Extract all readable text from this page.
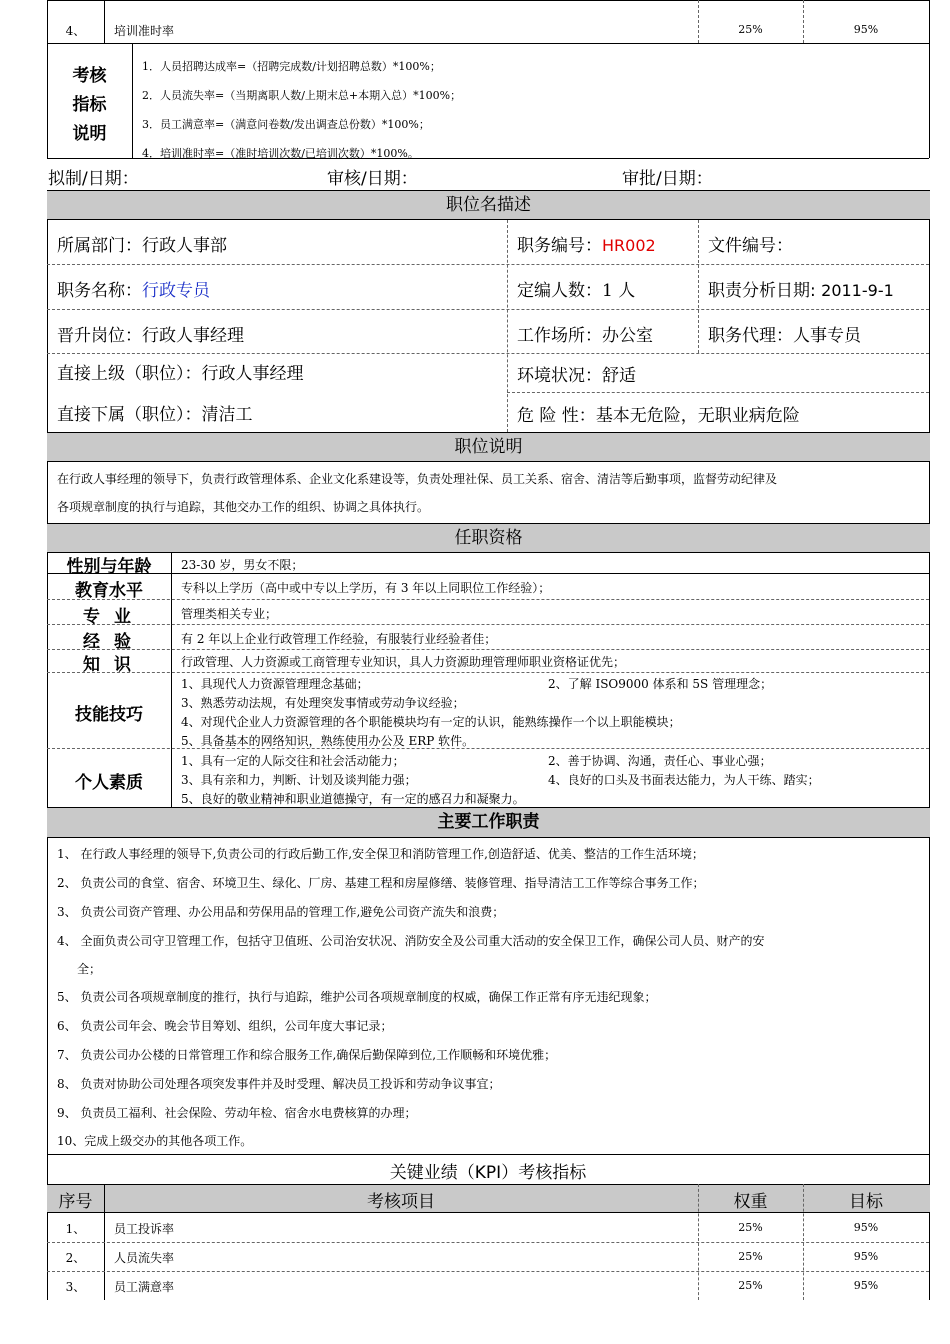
4、	培训准时率	25%	95%
考核
指标
说明
1．人员招聘达成率=（招聘完成数/计划招聘总数）*100%；
2．人员流失率=（当期离职人数/上期末总+本期入总）*100%；
3．员工满意率=（满意问卷数/发出调查总份数）*100%；
4．培训准时率=（准时培训次数/已培训次数）*100%。
拟制/日期：	审核/日期：	审批/日期：
职位名描述
所属部门：行政人事部	职务编号：HR002	文件编号：
职务名称：行政专员	定编人数：1 人	职责分析日期: 2011-9-1
晋升岗位：行政人事经理	工作场所：办公室	职务代理：人事专员
直接上级（职位）：行政人事经理	环境状况：舒适
直接下属（职位）：清洁工	危 险 性：基本无危险，无职业病危险
职位说明
在行政人事经理的领导下，负责行政管理体系、企业文化系建设等，负责处理社保、员工关系、宿舍、清洁等后勤事项，监督劳动纪律及
各项规章制度的执行与追踪，其他交办工作的组织、协调之具体执行。
任职资格
性别与年龄	23-30 岁，男女不限；
教育水平	专科以上学历（高中或中专以上学历，有 3 年以上同职位工作经验）；
专 业	管理类相关专业；
经 验	有 2 年以上企业行政管理工作经验，有服装行业经验者佳；
知 识	行政管理、人力资源或工商管理专业知识，具人力资源助理管理师职业资格证优先；
技能技巧
1、具现代人力资源管理理念基础；	2、了解 ISO9000 体系和 5S 管理理念；
3、熟悉劳动法规，有处理突发事情或劳动争议经验；
4、对现代企业人力资源管理的各个职能模块均有一定的认识，能熟练操作一个以上职能模块；
5、具备基本的网络知识，熟练使用办公及 ERP 软件。
个人素质
1、具有一定的人际交往和社会活动能力；	2、善于协调、沟通，责任心、事业心强；
3、具有亲和力，判断、计划及谈判能力强；	4、良好的口头及书面表达能力，为人干练、踏实；
5、良好的敬业精神和职业道德操守，有一定的感召力和凝聚力。
主要工作职责
1、 在行政人事经理的领导下,负责公司的行政后勤工作,安全保卫和消防管理工作,创造舒适、优美、整洁的工作生活环境；
2、 负责公司的食堂、宿舍、环境卫生、绿化、厂房、基建工程和房屋修缮、装修管理、指导清洁工工作等综合事务工作；
3、 负责公司资产管理、办公用品和劳保用品的管理工作,避免公司资产流失和浪费；
4、 全面负责公司守卫管理工作，包括守卫值班、公司治安状况、消防安全及公司重大活动的安全保卫工作，确保公司人员、财产的安
全；
5、 负责公司各项规章制度的推行，执行与追踪，维护公司各项规章制度的权威，确保工作正常有序无违纪现象；
6、 负责公司年会、晚会节目筹划、组织，公司年度大事记录；
7、 负责公司办公楼的日常管理工作和综合服务工作,确保后勤保障到位,工作顺畅和环境优雅；
8、 负责对协助公司处理各项突发事件并及时受理、解决员工投诉和劳动争议事宜；
9、 负责员工福利、社会保险、劳动年检、宿舍水电费核算的办理；
10、完成上级交办的其他各项工作。
关键业绩（KPI）考核指标
序号	考核项目	权重	目标
1、	员工投诉率	25%	95%
2、	人员流失率	25%	95%
3、	员工满意率	25%	95%
